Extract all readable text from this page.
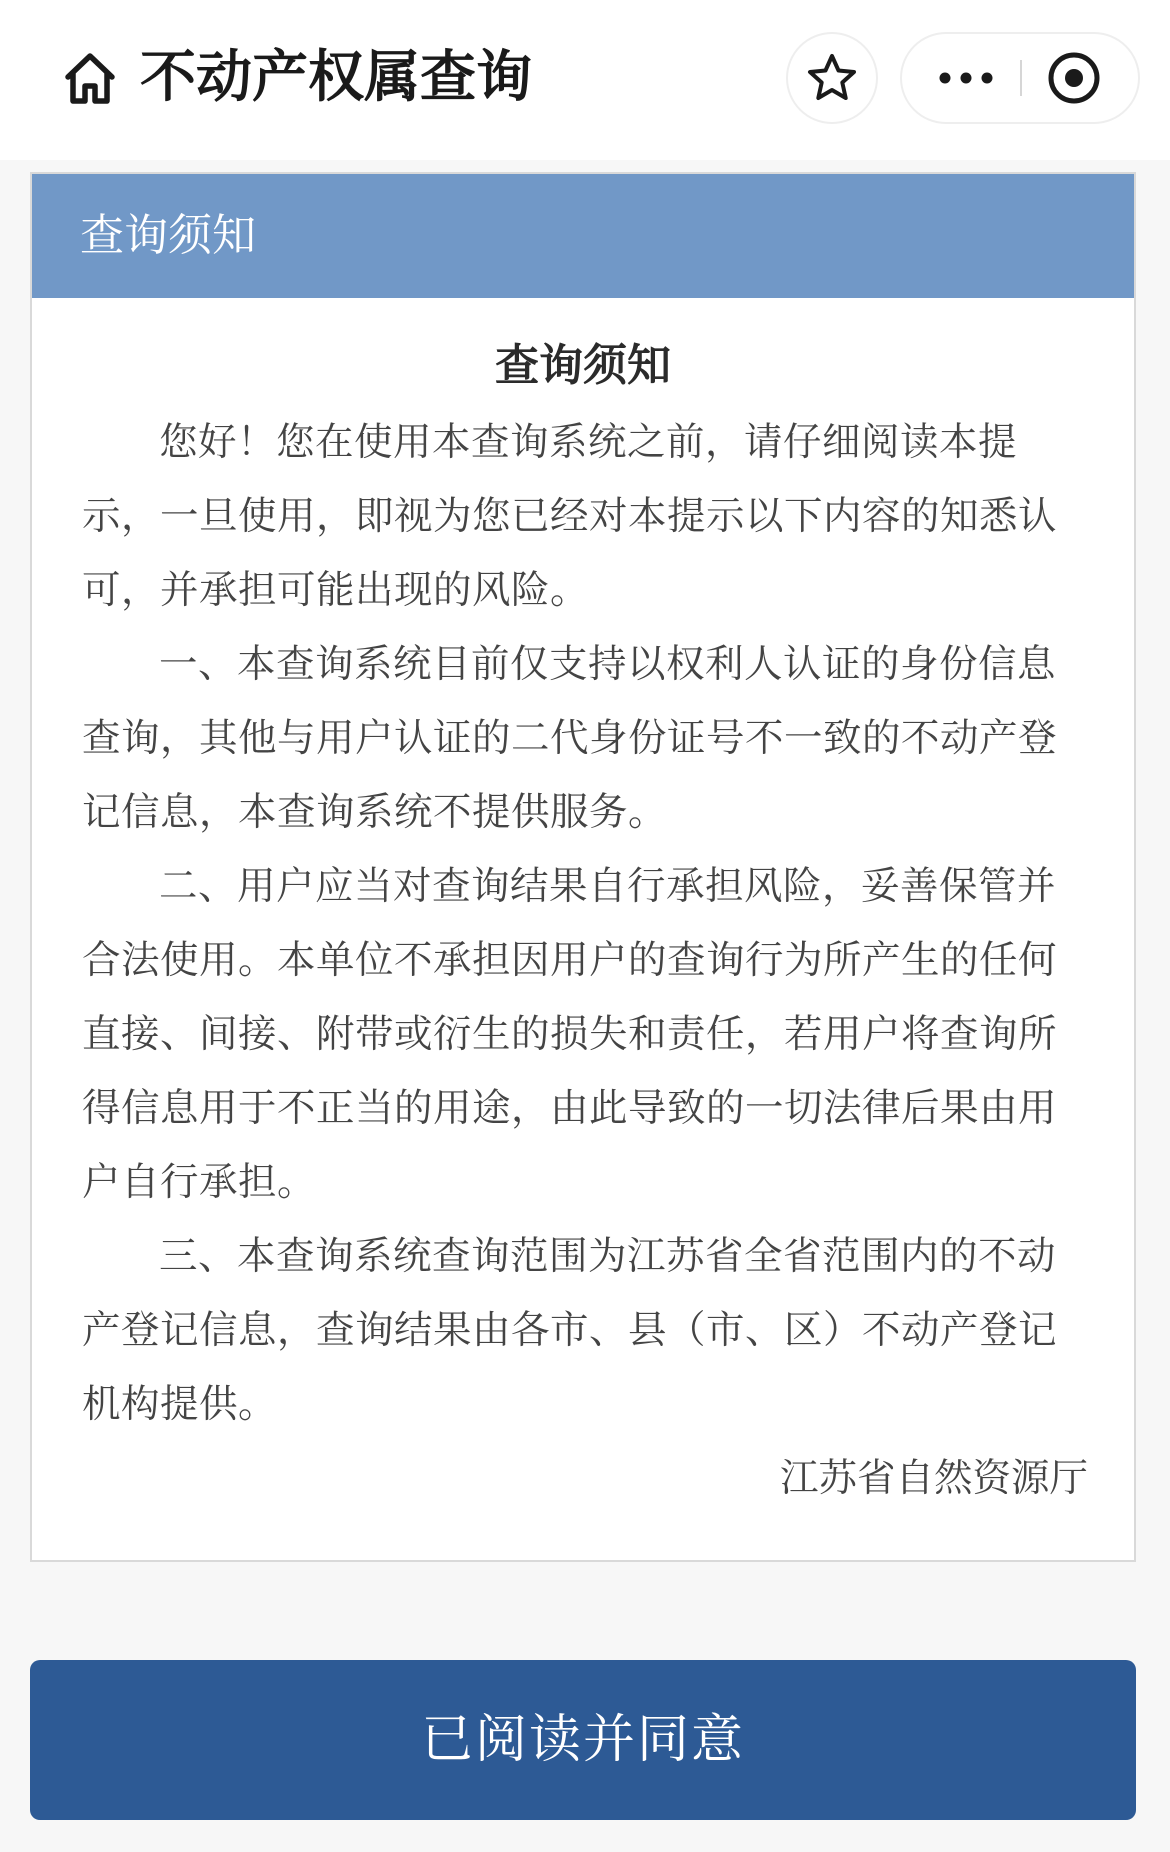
不动产权属查询
查询须知
查询须知

您好！您在使用本查询系统之前，请仔细阅读本提示，一旦使用，即视为您已经对本提示以下内容的知悉认可，并承担可能出现的风险。

一、本查询系统目前仅支持以权利人认证的身份信息查询，其他与用户认证的二代身份证号不一致的不动产登记信息，本查询系统不提供服务。

二、用户应当对查询结果自行承担风险，妥善保管并合法使用。本单位不承担因用户的查询行为所产生的任何直接、间接、附带或衍生的损失和责任，若用户将查询所得信息用于不正当的用途，由此导致的一切法律后果由用户自行承担。

三、本查询系统查询范围为江苏省全省范围内的不动产登记信息，查询结果由各市、县（市、区）不动产登记机构提供。

江苏省自然资源厅
已阅读并同意
